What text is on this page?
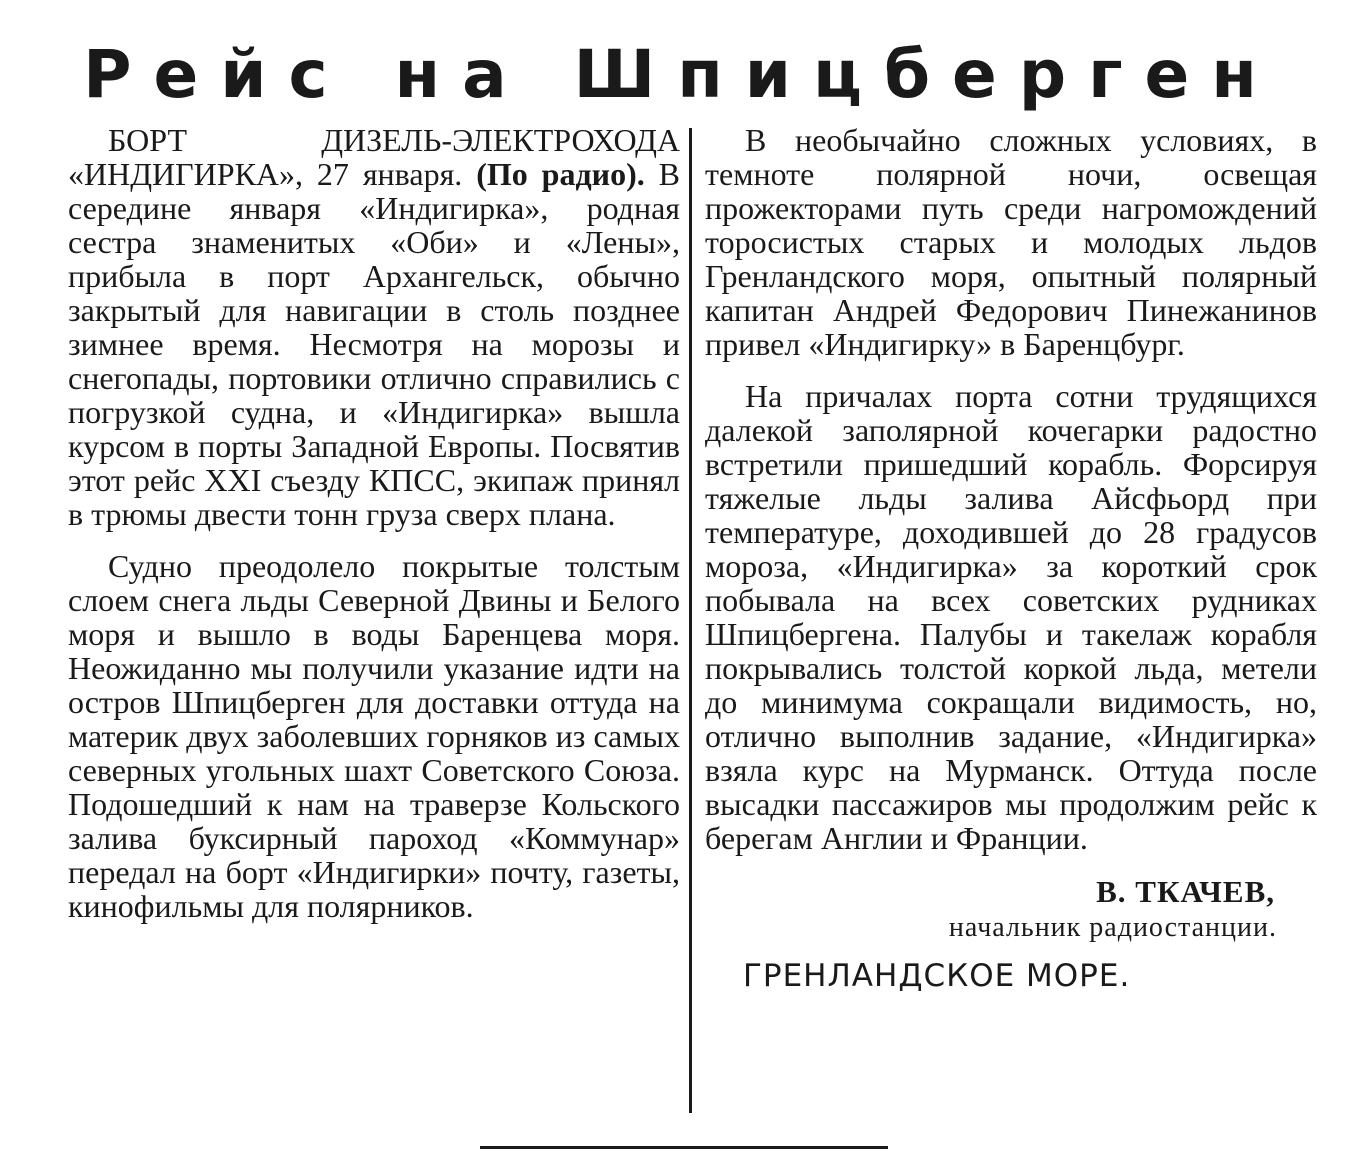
Рейс на Шпицберген

БОРТ ДИЗЕЛЬ-ЭЛЕКТРОХОДА «ИНДИГИРКА», 27 января. (По радио). В середине января «Индигирка», родная сестра знаменитых «Оби» и «Лены», прибыла в порт Архангельск, обычно закрытый для навигации в столь позднее зимнее время. Несмотря на морозы и снегопады, портовики отлично справились с погрузкой судна, и «Индигирка» вышла курсом в порты Западной Европы. Посвятив этот рейс XXI съезду КПСС, экипаж принял в трюмы двести тонн груза сверх плана.

Судно преодолело покрытые толстым слоем снега льды Северной Двины и Белого моря и вышло в воды Баренцева моря. Неожиданно мы получили указание идти на остров Шпицберген для доставки оттуда на материк двух заболевших горняков из самых северных угольных шахт Советского Союза. Подошедший к нам на траверзе Кольского залива буксирный пароход «Коммунар» передал на борт «Индигирки» почту, газеты, кинофильмы для полярников.

В необычайно сложных условиях, в темноте полярной ночи, освещая прожекторами путь среди нагромождений торосистых старых и молодых льдов Гренландского моря, опытный полярный капитан Андрей Федорович Пинежанинов привел «Индигирку» в Баренцбург.

На причалах порта сотни трудящихся далекой заполярной кочегарки радостно встретили пришедший корабль. Форсируя тяжелые льды залива Айсфьорд при температуре, доходившей до 28 градусов мороза, «Индигирка» за короткий срок побывала на всех советских рудниках Шпицбергена. Палубы и такелаж корабля покрывались толстой коркой льда, метели до минимума сокращали видимость, но, отлично выполнив задание, «Индигирка» взяла курс на Мурманск. Оттуда после высадки пассажиров мы продолжим рейс к берегам Англии и Франции.

В. ТКАЧЕВ,

начальник радиостанции.

ГРЕНЛАНДСКОЕ МОРЕ.
